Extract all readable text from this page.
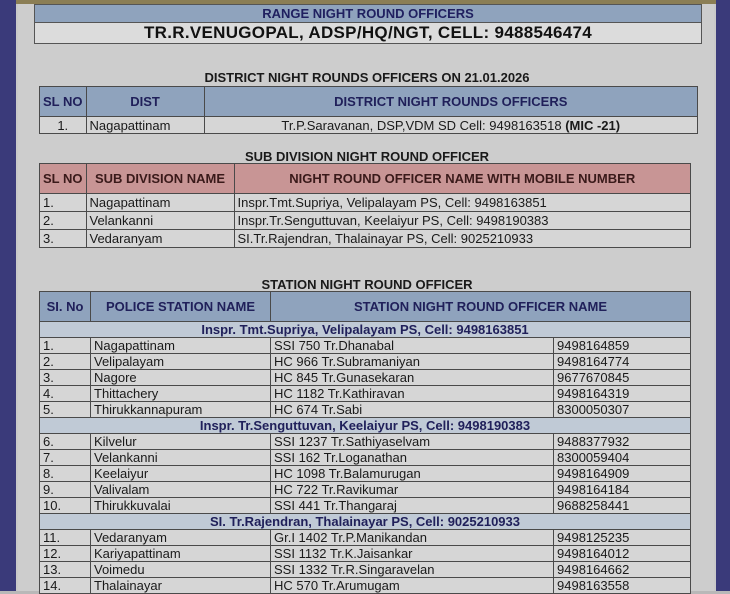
RANGE NIGHT ROUND OFFICERS
TR.R.VENUGOPAL, ADSP/HQ/NGT, CELL: 9488546474
DISTRICT NIGHT ROUNDS OFFICERS ON 21.01.2026
SL NO	DIST	DISTRICT NIGHT ROUNDS OFFICERS
1.	Nagapattinam	Tr.P.Saravanan, DSP,VDM SD Cell: 9498163518 (MIC -21)
SUB DIVISION NIGHT ROUND OFFICER
SL NO	SUB DIVISION NAME	NIGHT ROUND OFFICER NAME WITH MOBILE NUMBER
1.	Nagapattinam	Inspr.Tmt.Supriya, Velipalayam PS, Cell: 9498163851
2.	Velankanni	Inspr.Tr.Senguttuvan, Keelaiyur PS, Cell: 9498190383
3.	Vedaranyam	SI.Tr.Rajendran, Thalainayar PS, Cell: 9025210933
STATION NIGHT ROUND OFFICER
SI. No	POLICE STATION NAME	STATION NIGHT ROUND OFFICER NAME	
Inspr. Tmt.Supriya, Velipalayam PS, Cell: 9498163851			
1.	Nagapattinam	SSI 750 Tr.Dhanabal	9498164859
2.	Velipalayam	HC 966 Tr.Subramaniyan	9498164774
3.	Nagore	HC 845 Tr.Gunasekaran	9677670845
4.	Thittachery	HC 1182 Tr.Kathiravan	9498164319
5.	Thirukkannapuram	HC 674 Tr.Sabi	8300050307
Inspr. Tr.Senguttuvan, Keelaiyur PS, Cell: 9498190383			
6.	Kilvelur	SSI 1237 Tr.Sathiyaselvam	9488377932
7.	Velankanni	SSI 162 Tr.Loganathan	8300059404
8.	Keelaiyur	HC 1098 Tr.Balamurugan	9498164909
9.	Valivalam	HC 722 Tr.Ravikumar	9498164184
10.	Thirukkuvalai	SSI 441 Tr.Thangaraj	9688258441
SI. Tr.Rajendran, Thalainayar PS, Cell: 9025210933			
11.	Vedaranyam	Gr.I 1402 Tr.P.Manikandan	9498125235
12.	Kariyapattinam	SSI 1132 Tr.K.Jaisankar	9498164012
13.	Voimedu	SSI 1332 Tr.R.Singaravelan	9498164662
14.	Thalainayar	HC 570 Tr.Arumugam	9498163558
